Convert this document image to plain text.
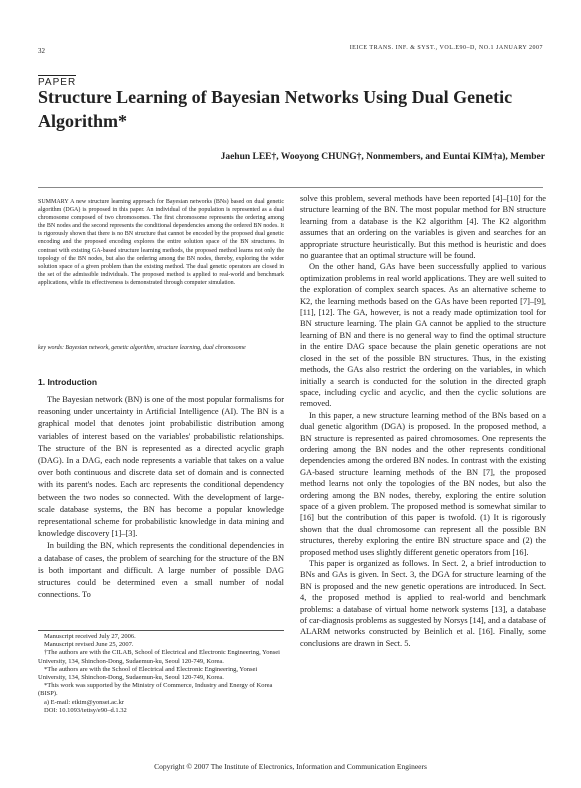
32	IEICE TRANS. INF. & SYST., VOL.E90–D, NO.1 JANUARY 2007
PAPER
Structure Learning of Bayesian Networks Using Dual Genetic Algorithm*
Jaehun LEE†, Wooyong CHUNG†, Nonmembers, and Euntai KIM†a), Member

SUMMARY A new structure learning approach for Bayesian networks (BNs) based on dual genetic algorithm (DGA) is proposed in this paper. An individual of the population is represented as a dual chromosome composed of two chromosomes. The first chromosome represents the ordering among the BN nodes and the second represents the conditional dependencies among the ordered BN nodes. It is rigorously shown that there is no BN structure that cannot be encoded by the proposed dual genetic encoding and the proposed encoding explores the entire solution space of the BN structures. In contrast with existing GA-based structure learning methods, the proposed method learns not only the topology of the BN nodes, but also the ordering among the BN nodes, thereby, exploring the wider solution space of a given problem than the existing method. The dual genetic operators are closed in the set of the admissible individuals. The proposed method is applied to real-world and benchmark applications, while its effectiveness is demonstrated through computer simulation.

key words: Bayesian network, genetic algorithm, structure learning, dual chromosome

1. Introduction

The Bayesian network (BN) is one of the most popular formalisms for reasoning under uncertainty in Artificial Intelligence (AI). The BN is a graphical model that denotes joint probabilistic distribution among variables of interest based on the variables' probabilistic relationships. The structure of the BN is represented as a directed acyclic graph (DAG). In a DAG, each node represents a variable that takes on a value over both continuous and discrete data set of domain and is connected with its parent's nodes. Each arc represents the conditional dependency between the two nodes so connected. With the development of large-scale database systems, the BN has become a popular knowledge representational scheme for probabilistic knowledge in data mining and knowledge discovery [1]–[3].

In building the BN, which represents the conditional dependencies in a database of cases, the problem of searching for the structure of the BN is both important and difficult. A large number of possible DAG structures could be determined even a small number of nodal connections. To

Manuscript received July 27, 2006.
Manuscript revised June 25, 2007.
†The authors are with the CILAB, School of Electrical and Electronic Engineering, Yonsei University, 134, Shinchon-Dong, Sudaemun-ku, Seoul 120-749, Korea.
*The authors are with the School of Electrical and Electronic Engineering, Yonsei University, 134, Shinchon-Dong, Sudaemun-ku, Seoul 120-749, Korea.
*This work was supported by the Ministry of Commerce, Industry and Energy of Korea (BISP).
a) E-mail: etkim@yonsei.ac.kr
DOI: 10.1093/ietisy/e90–d.1.32

solve this problem, several methods have been reported [4]–[10] for the structure learning of the BN. The most popular method for BN structure learning from a database is the K2 algorithm [4]. The K2 algorithm assumes that an ordering on the variables is given and searches for an appropriate structure heuristically. But this method is heuristic and does no guarantee that an optimal structure will be found.

On the other hand, GAs have been successfully applied to various optimization problems in real world applications. They are well suited to the exploration of complex search spaces. As an alternative scheme to K2, the learning methods based on the GAs have been reported [7]–[9], [11], [12]. The GA, however, is not a ready made optimization tool for BN structure learning. The plain GA cannot be applied to the structure learning of BN and there is no general way to find the optimal structure in the entire DAG space because the plain genetic operations are not closed in the set of the possible BN structures. Thus, in the existing methods, the GAs also restrict the ordering on the variables, in which initially a search is conducted for the solution in the directed graph space, including cyclic and acyclic, and then the cyclic solutions are removed.

In this paper, a new structure learning method of the BNs based on a dual genetic algorithm (DGA) is proposed. In the proposed method, a BN structure is represented as paired chromosomes. One represents the ordering among the BN nodes and the other represents conditional dependencies among the ordered BN nodes. In contrast with the existing GA-based structure learning methods of the BN [7], the proposed method learns not only the topologies of the BN nodes, but also the ordering among the BN nodes, thereby, exploring the entire solution space of a given problem. The proposed method is somewhat similar to [16] but the contribution of this paper is twofold. (1) It is rigorously shown that the dual chromosome can represent all the possible BN structures, thereby exploring the entire BN structure space and (2) the proposed method uses slightly different genetic operators from [16].

This paper is organized as follows. In Sect. 2, a brief introduction to BNs and GAs is given. In Sect. 3, the DGA for structure learning of the BN is proposed and the new genetic operations are introduced. In Sect. 4, the proposed method is applied to real-world and benchmark problems: a database of virtual home network systems [13], a database of car-diagnosis problems as suggested by Norsys [14], and a database of ALARM networks constructed by Beinlich et al. [16]. Finally, some conclusions are drawn in Sect. 5.

Copyright © 2007 The Institute of Electronics, Information and Communication Engineers
